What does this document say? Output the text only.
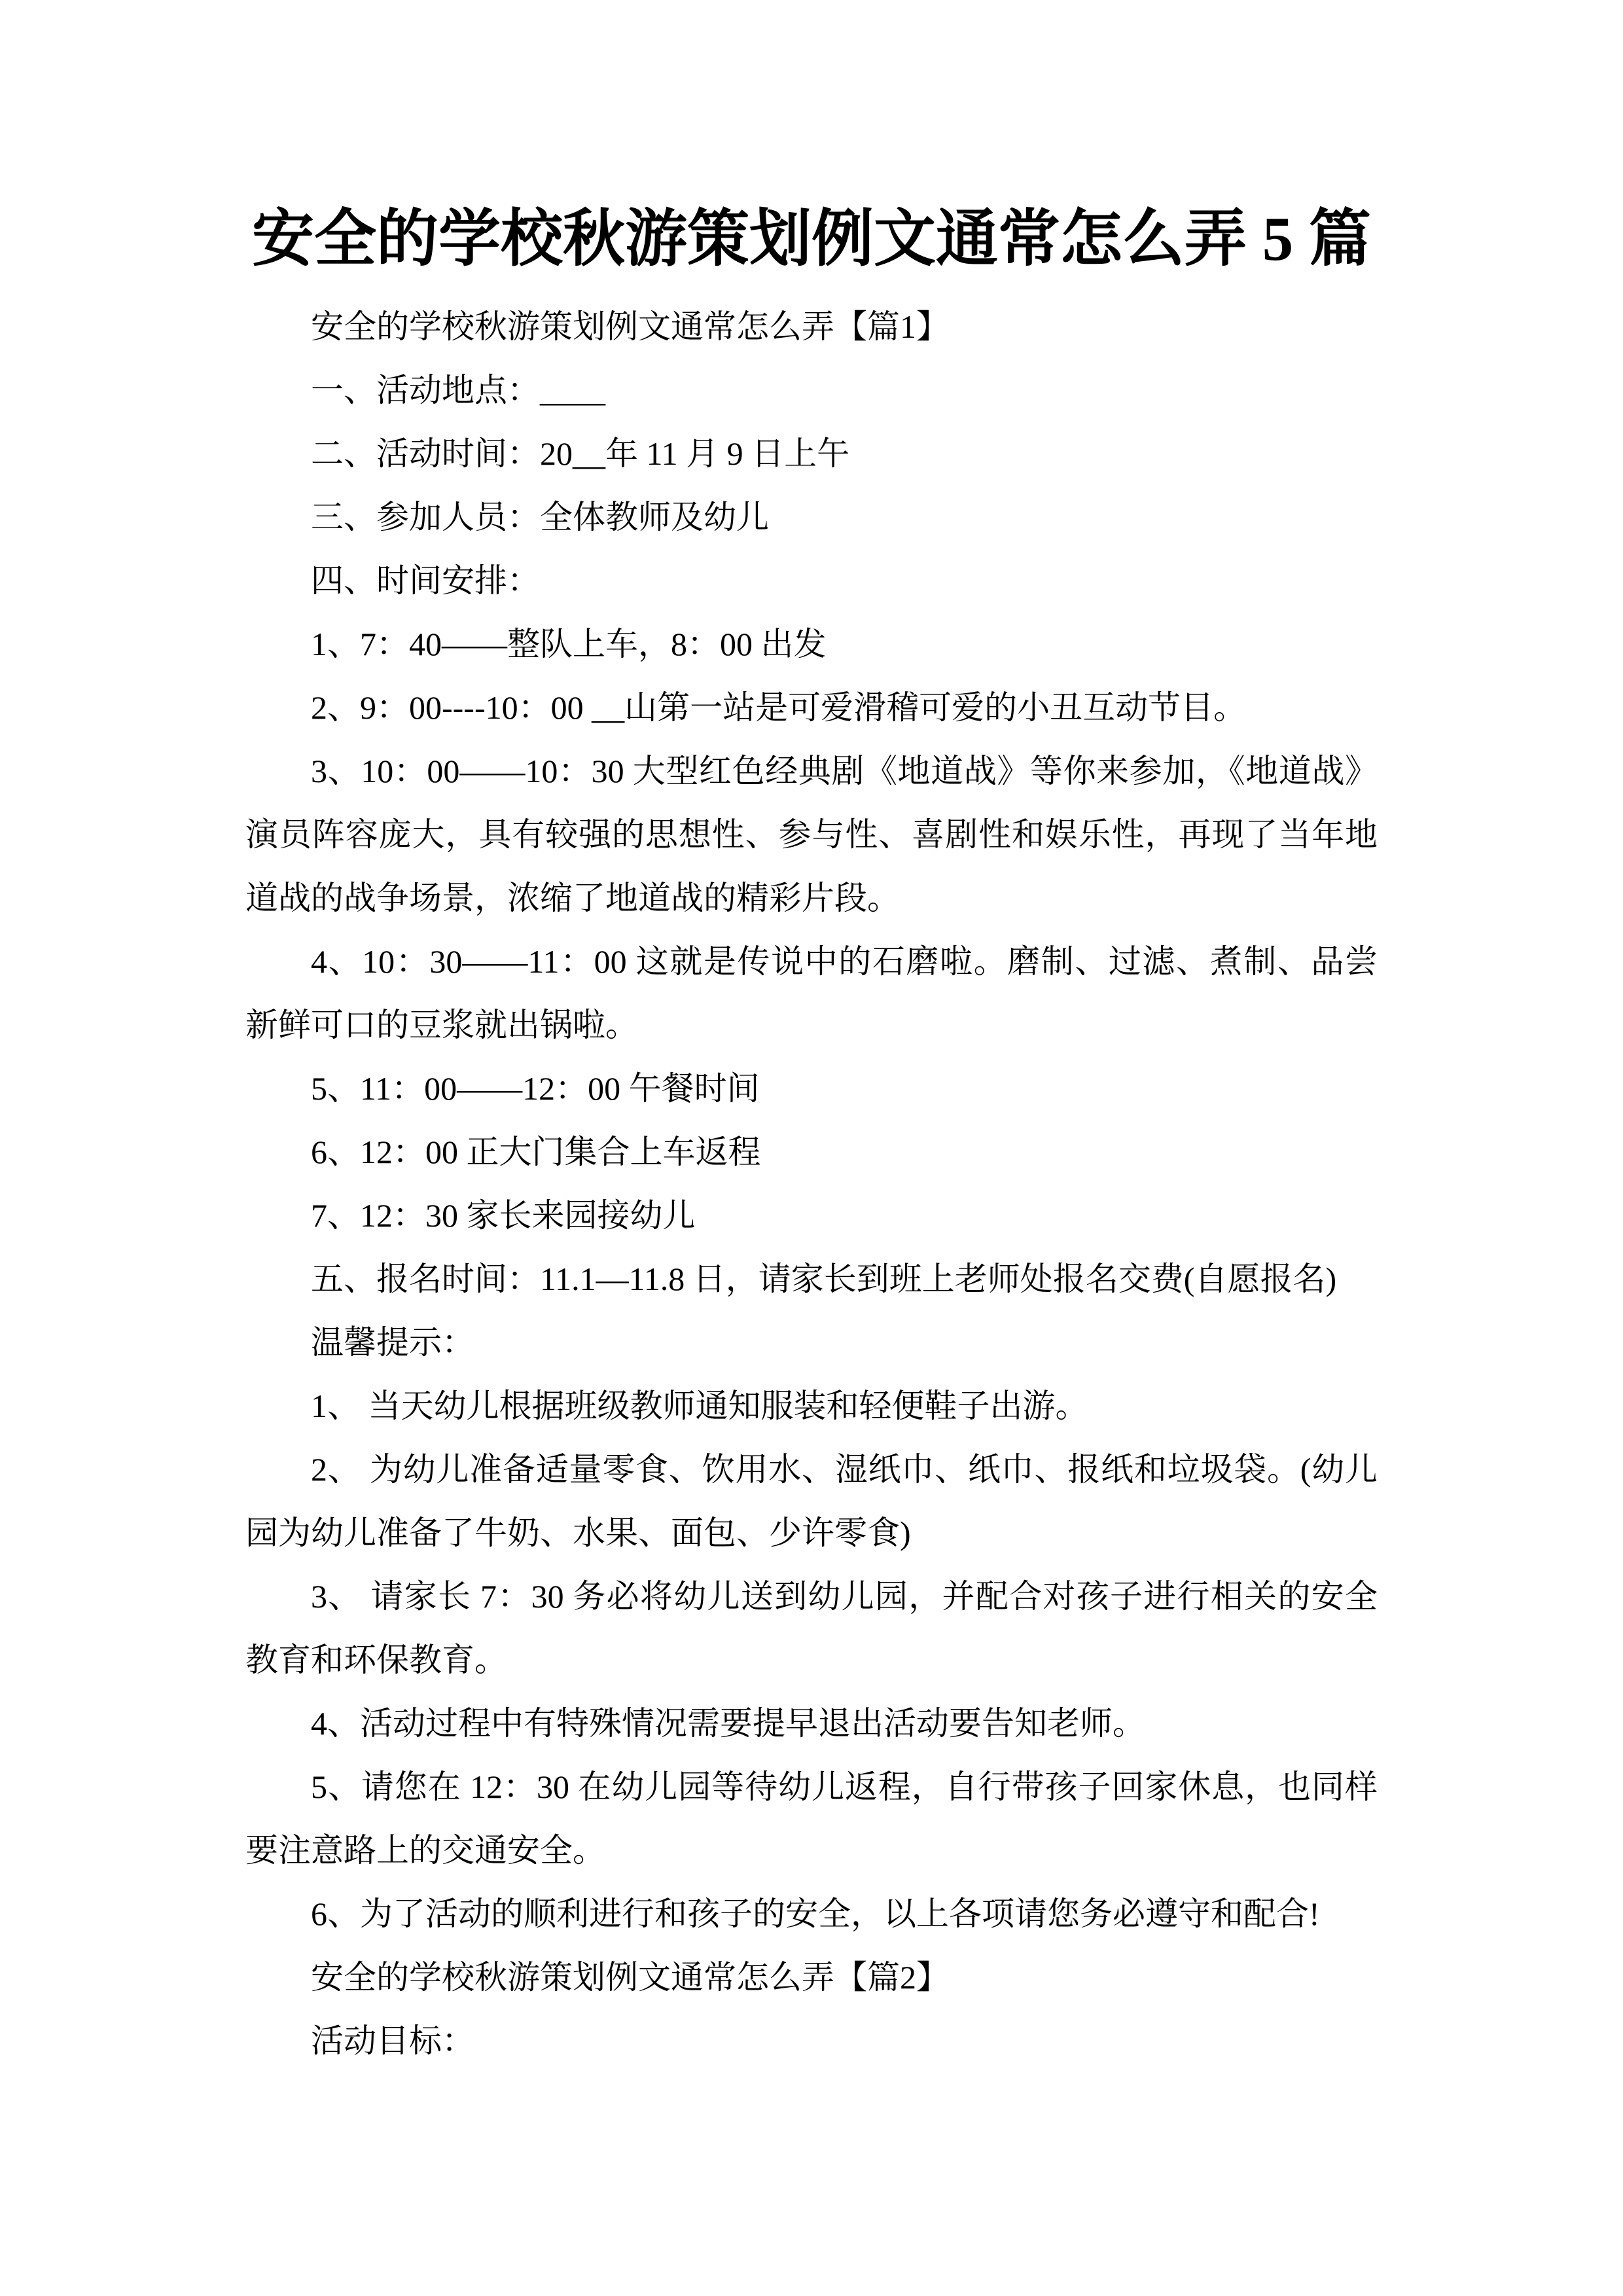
安全的学校秋游策划例文通常怎么弄 5 篇

安全的学校秋游策划例文通常怎么弄【篇1】

一、活动地点：____

二、活动时间：20__年 11 月 9 日上午

三、参加人员：全体教师及幼儿

四、时间安排：

1、7：40——整队上车，8：00 出发

2、9：00----10：00 __山第一站是可爱滑稽可爱的小丑互动节目。

3、10：00——10：30 大型红色经典剧《地道战》等你来参加，《地道战》演员阵容庞大，具有较强的思想性、参与性、喜剧性和娱乐性，再现了当年地道战的战争场景，浓缩了地道战的精彩片段。

4、10：30——11：00 这就是传说中的石磨啦。磨制、过滤、煮制、品尝新鲜可口的豆浆就出锅啦。

5、11：00——12：00 午餐时间

6、12：00 正大门集合上车返程

7、12：30 家长来园接幼儿

五、报名时间：11.1—11.8 日，请家长到班上老师处报名交费(自愿报名)

温馨提示：

1、 当天幼儿根据班级教师通知服装和轻便鞋子出游。

2、 为幼儿准备适量零食、饮用水、湿纸巾、纸巾、报纸和垃圾袋。(幼儿园为幼儿准备了牛奶、水果、面包、少许零食)

3、 请家长 7：30 务必将幼儿送到幼儿园，并配合对孩子进行相关的安全教育和环保教育。

4、活动过程中有特殊情况需要提早退出活动要告知老师。

5、请您在 12：30 在幼儿园等待幼儿返程，自行带孩子回家休息，也同样要注意路上的交通安全。

6、为了活动的顺利进行和孩子的安全，以上各项请您务必遵守和配合!

安全的学校秋游策划例文通常怎么弄【篇2】

活动目标：
